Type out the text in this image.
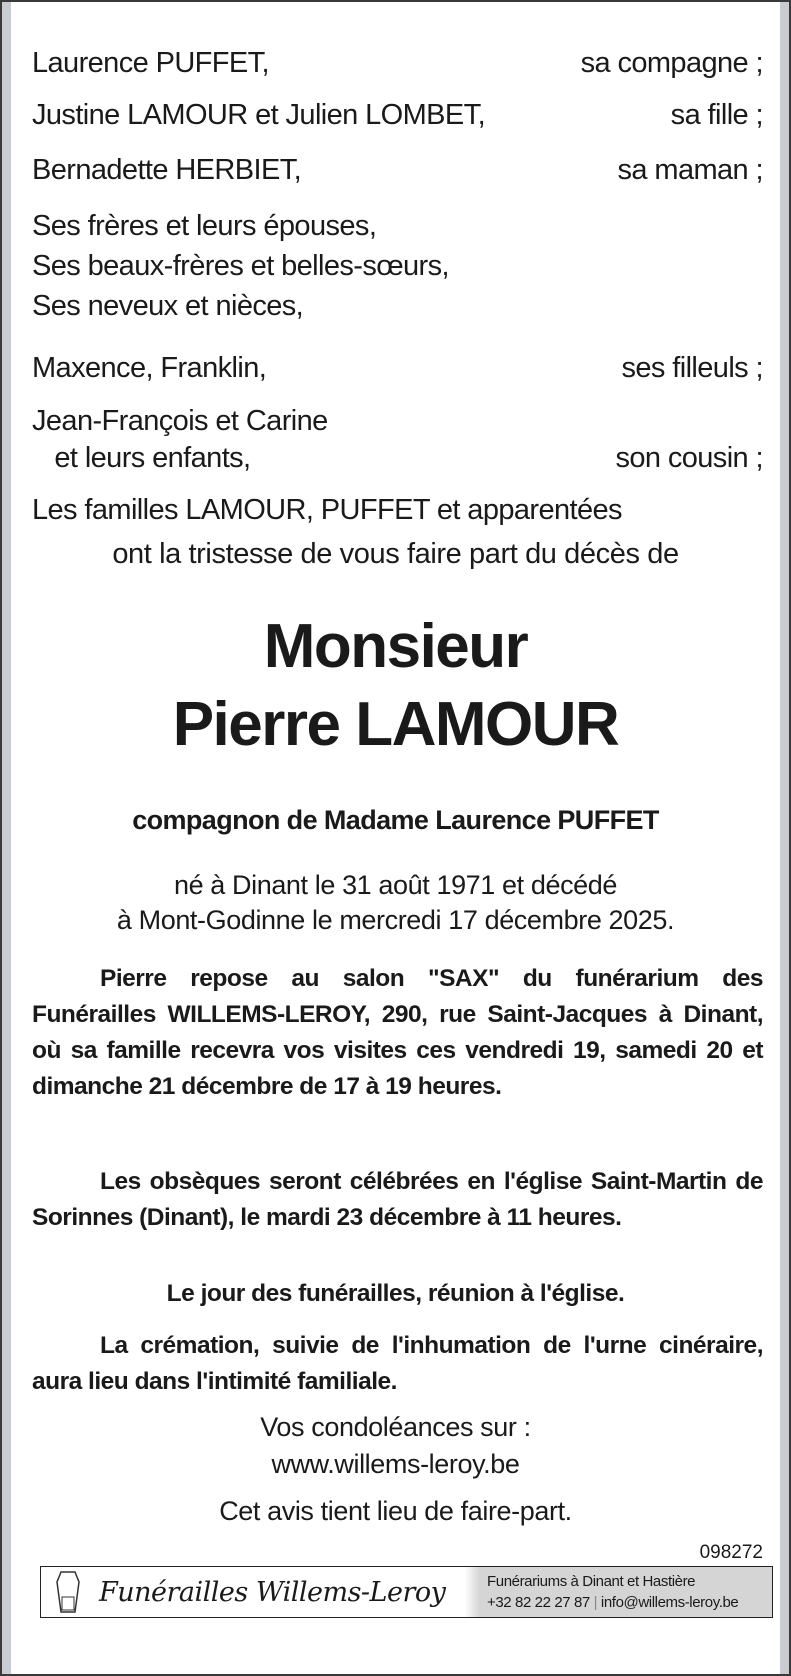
Laurence PUFFET,	sa compagne ;
Justine LAMOUR et Julien LOMBET,	sa fille ;
Bernadette HERBIET,	sa maman ;
Ses frères et leurs épouses,
Ses beaux-frères et belles-sœurs,
Ses neveux et nièces,
Maxence, Franklin,	ses filleuls ;
Jean-François et Carine
et leurs enfants,	son cousin ;
Les familles LAMOUR, PUFFET et apparentées
ont la tristesse de vous faire part du décès de
Monsieur
Pierre LAMOUR
compagnon de Madame Laurence PUFFET
né à Dinant le 31 août 1971 et décédé
à Mont-Godinne le mercredi 17 décembre 2025.
Pierre repose au salon "SAX" du funérarium des Funérailles WILLEMS-LEROY, 290, rue Saint-Jacques à Dinant, où sa famille recevra vos visites ces vendredi 19, samedi 20 et dimanche 21 décembre de 17 à 19 heures.
Les obsèques seront célébrées en l'église Saint-Martin de Sorinnes (Dinant), le mardi 23 décembre à 11 heures.
Le jour des funérailles, réunion à l'église.
La crémation, suivie de l'inhumation de l'urne cinéraire, aura lieu dans l'intimité familiale.
Vos condoléances sur :
www.willems-leroy.be
Cet avis tient lieu de faire-part.
098272
Funérailles Willems-Leroy	Funérariums à Dinant et Hastière
+32 82 22 27 87 | info@willems-leroy.be
